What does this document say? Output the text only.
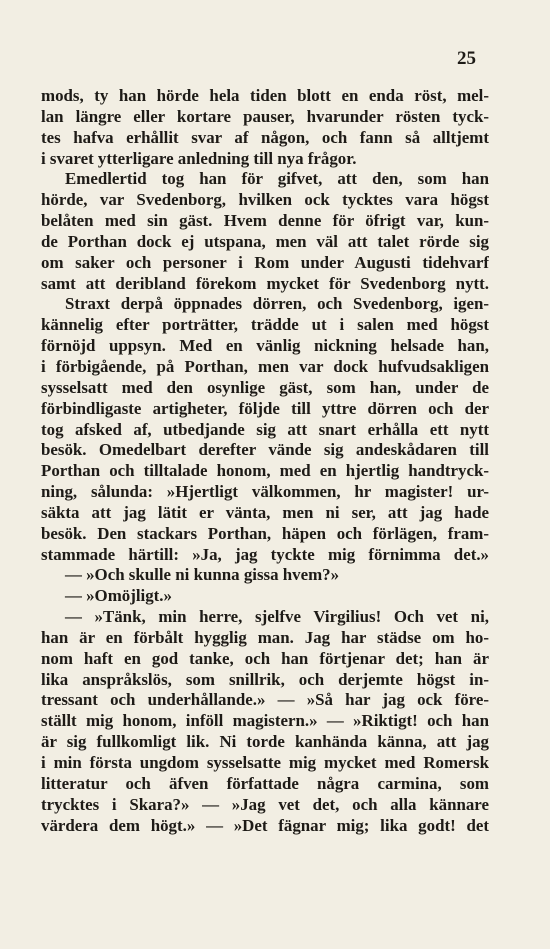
25
mods, ty han hörde hela tiden blott en enda röst, mel-
lan längre eller kortare pauser, hvarunder rösten tyck-
tes hafva erhållit svar af någon, och fann så alltjemt
i svaret ytterligare anledning till nya frågor.
Emedlertid tog han för gifvet, att den, som han
hörde, var Svedenborg, hvilken ock tycktes vara högst
belåten med sin gäst. Hvem denne för öfrigt var, kun-
de Porthan dock ej utspana, men väl att talet rörde sig
om saker och personer i Rom under Augusti tidehvarf
samt att deribland förekom mycket för Svedenborg nytt.
Straxt derpå öppnades dörren, och Svedenborg, igen-
kännelig efter porträtter, trädde ut i salen med högst
förnöjd uppsyn. Med en vänlig nickning helsade han,
i förbigående, på Porthan, men var dock hufvudsakligen
sysselsatt med den osynlige gäst, som han, under de
förbindligaste artigheter, följde till yttre dörren och der
tog afsked af, utbedjande sig att snart erhålla ett nytt
besök. Omedelbart derefter vände sig andeskådaren till
Porthan och tilltalade honom, med en hjertlig handtryck-
ning, sålunda: »Hjertligt välkommen, hr magister! ur-
säkta att jag lätit er vänta, men ni ser, att jag hade
besök. Den stackars Porthan, häpen och förlägen, fram-
stammade härtill: »Ja, jag tyckte mig förnimma det.»
— »Och skulle ni kunna gissa hvem?»
— »Omöjligt.»
— »Tänk, min herre, sjelfve Virgilius! Och vet ni,
han är en förbålt hygglig man. Jag har städse om ho-
nom haft en god tanke, och han förtjenar det; han är
lika anspråkslös, som snillrik, och derjemte högst in-
tressant och underhållande.» — »Så har jag ock före-
ställt mig honom, inföll magistern.» — »Riktigt! och han
är sig fullkomligt lik. Ni torde kanhända känna, att jag
i min första ungdom sysselsatte mig mycket med Romersk
litteratur och äfven författade några carmina, som
trycktes i Skara?» — »Jag vet det, och alla kännare
värdera dem högt.» — »Det fägnar mig; lika godt! det
